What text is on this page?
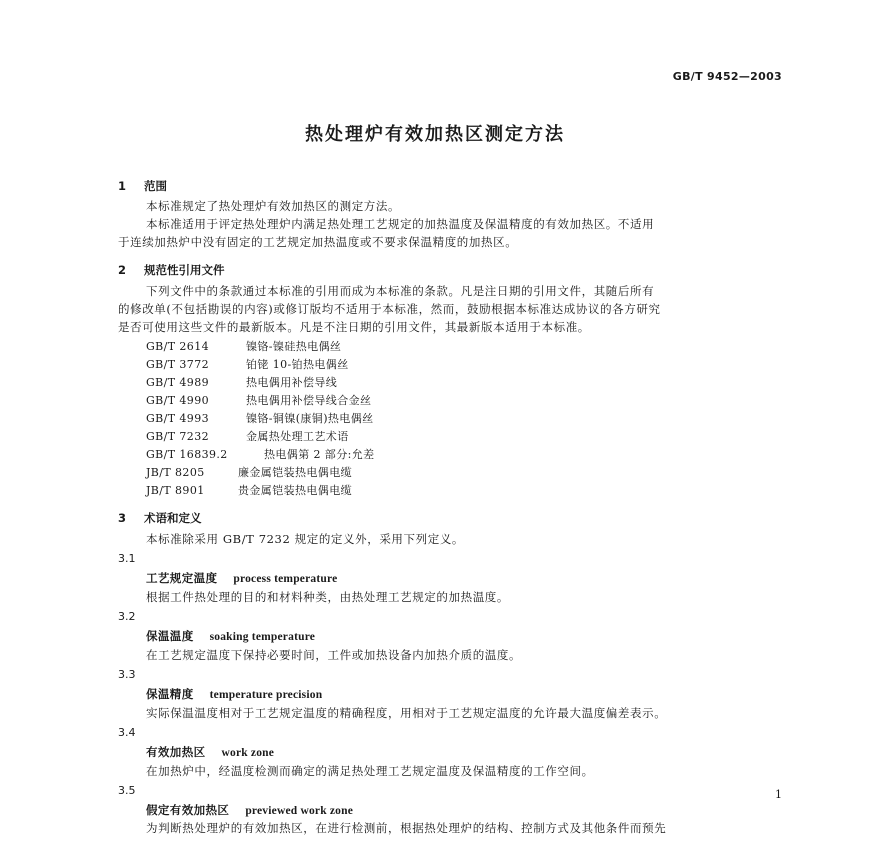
GB/T 9452—2003
热处理炉有效加热区测定方法
1 范围
本标准规定了热处理炉有效加热区的测定方法。
本标准适用于评定热处理炉内满足热处理工艺规定的加热温度及保温精度的有效加热区。不适用
于连续加热炉中没有固定的工艺规定加热温度或不要求保温精度的加热区。
2 规范性引用文件
下列文件中的条款通过本标准的引用而成为本标准的条款。凡是注日期的引用文件，其随后所有
的修改单(不包括勘误的内容)或修订版均不适用于本标准，然而，鼓励根据本标准达成协议的各方研究
是否可使用这些文件的最新版本。凡是不注日期的引用文件，其最新版本适用于本标准。
GB/T 2614	镍铬-镍硅热电偶丝
GB/T 3772	铂铑 10-铂热电偶丝
GB/T 4989	热电偶用补偿导线
GB/T 4990	热电偶用补偿导线合金丝
GB/T 4993	镍铬-铜镍(康铜)热电偶丝
GB/T 7232	金属热处理工艺术语
GB/T 16839.2	热电偶第 2 部分:允差
JB/T 8205	廉金属铠装热电偶电缆
JB/T 8901	贵金属铠装热电偶电缆
3 术语和定义
本标准除采用 GB/T 7232 规定的定义外，采用下列定义。
3.1
工艺规定温度 process temperature
根据工件热处理的目的和材料种类，由热处理工艺规定的加热温度。
3.2
保温温度 soaking temperature
在工艺规定温度下保持必要时间，工件或加热设备内加热介质的温度。
3.3
保温精度 temperature precision
实际保温温度相对于工艺规定温度的精确程度，用相对于工艺规定温度的允许最大温度偏差表示。
3.4
有效加热区 work zone
在加热炉中，经温度检测而确定的满足热处理工艺规定温度及保温精度的工作空间。
3.5
假定有效加热区 previewed work zone
为判断热处理炉的有效加热区，在进行检测前，根据热处理炉的结构、控制方式及其他条件而预先
1
